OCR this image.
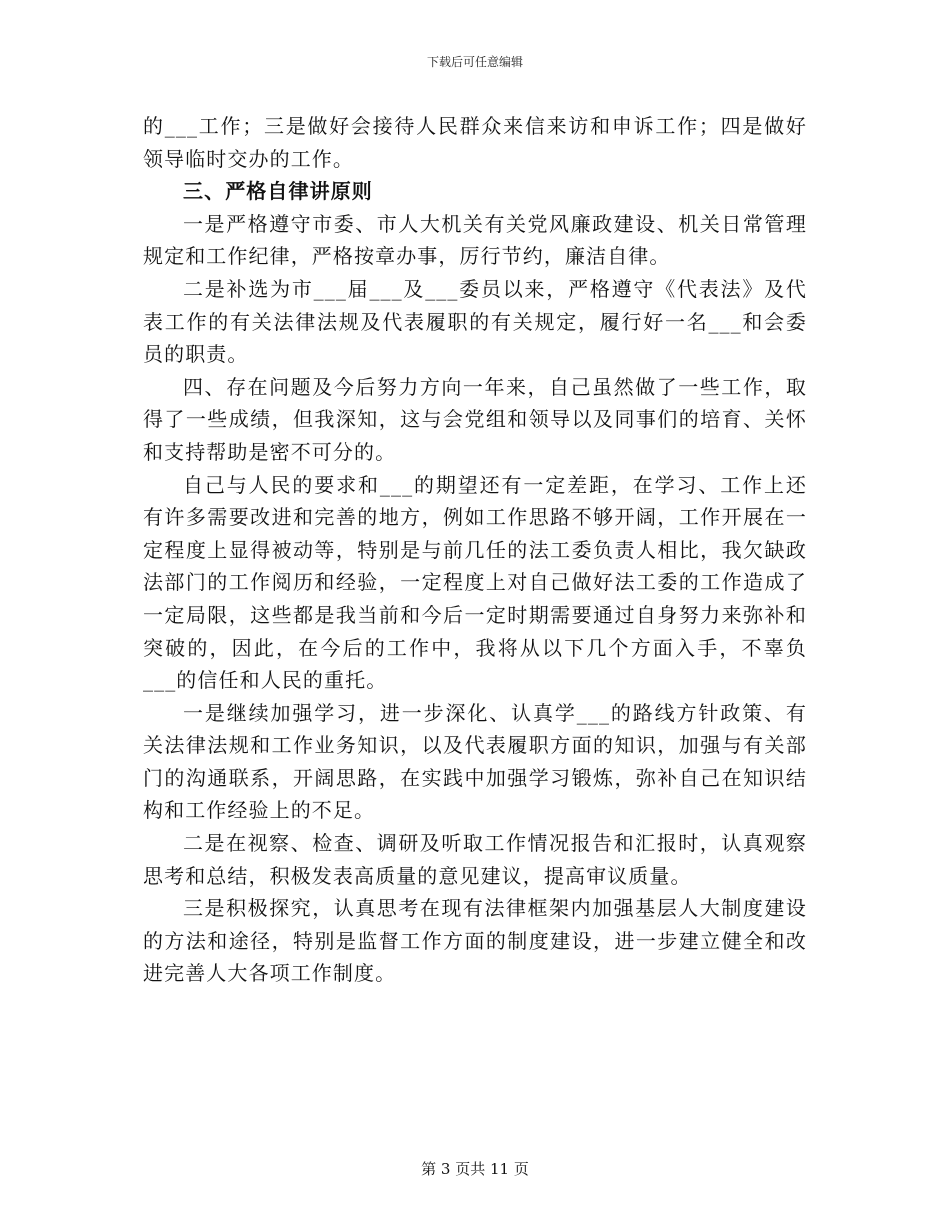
下载后可任意编辑

的___工作；三是做好会接待人民群众来信来访和申诉工作；四是做好领导临时交办的工作。

三、严格自律讲原则

一是严格遵守市委、市人大机关有关党风廉政建设、机关日常管理规定和工作纪律，严格按章办事，厉行节约，廉洁自律。

二是补选为市___届___及___委员以来，严格遵守《代表法》及代表工作的有关法律法规及代表履职的有关规定，履行好一名___和会委员的职责。

四、存在问题及今后努力方向一年来，自己虽然做了一些工作，取得了一些成绩，但我深知，这与会党组和领导以及同事们的培育、关怀和支持帮助是密不可分的。

自己与人民的要求和___的期望还有一定差距，在学习、工作上还有许多需要改进和完善的地方，例如工作思路不够开阔，工作开展在一定程度上显得被动等，特别是与前几任的法工委负责人相比，我欠缺政法部门的工作阅历和经验，一定程度上对自己做好法工委的工作造成了一定局限，这些都是我当前和今后一定时期需要通过自身努力来弥补和突破的，因此，在今后的工作中，我将从以下几个方面入手，不辜负___的信任和人民的重托。

一是继续加强学习，进一步深化、认真学___的路线方针政策、有关法律法规和工作业务知识，以及代表履职方面的知识，加强与有关部门的沟通联系，开阔思路，在实践中加强学习锻炼，弥补自己在知识结构和工作经验上的不足。

二是在视察、检查、调研及听取工作情况报告和汇报时，认真观察思考和总结，积极发表高质量的意见建议，提高审议质量。

三是积极探究，认真思考在现有法律框架内加强基层人大制度建设的方法和途径，特别是监督工作方面的制度建设，进一步建立健全和改进完善人大各项工作制度。

第 3 页共 11 页
